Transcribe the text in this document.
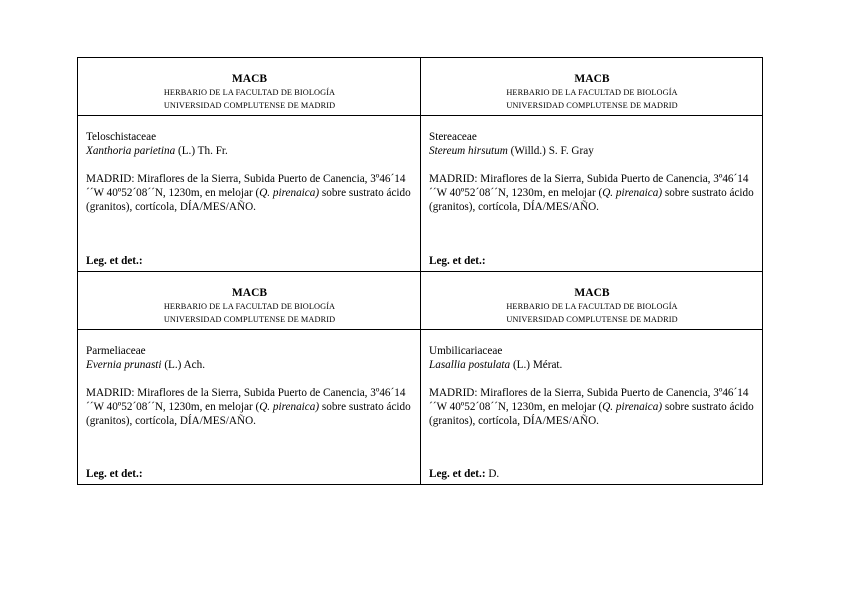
MACB
HERBARIO DE LA FACULTAD DE BIOLOGÍA
UNIVERSIDAD COMPLUTENSE DE MADRID
Teloschistaceae
Xanthoria parietina (L.) Th. Fr.
MADRID: Miraflores de la Sierra, Subida Puerto de Canencia, 3º46´14´´W 40º52´08´´N, 1230m, en melojar (Q. pirenaica) sobre sustrato ácido (granitos), cortícola, DÍA/MES/AÑO.
Leg. et det.:
MACB
HERBARIO DE LA FACULTAD DE BIOLOGÍA
UNIVERSIDAD COMPLUTENSE DE MADRID
Stereaceae
Stereum hirsutum (Willd.) S. F. Gray
MADRID: Miraflores de la Sierra, Subida Puerto de Canencia, 3º46´14´´W 40º52´08´´N, 1230m, en melojar (Q. pirenaica) sobre sustrato ácido (granitos), cortícola, DÍA/MES/AÑO.
Leg. et det.:
MACB
HERBARIO DE LA FACULTAD DE BIOLOGÍA
UNIVERSIDAD COMPLUTENSE DE MADRID
Parmeliaceae
Evernia prunasti (L.) Ach.
MADRID: Miraflores de la Sierra, Subida Puerto de Canencia, 3º46´14´´W 40º52´08´´N, 1230m, en melojar (Q. pirenaica) sobre sustrato ácido (granitos), cortícola, DÍA/MES/AÑO.
Leg. et det.:
MACB
HERBARIO DE LA FACULTAD DE BIOLOGÍA
UNIVERSIDAD COMPLUTENSE DE MADRID
Umbilicariaceae
Lasallia postulata (L.) Mérat.
MADRID: Miraflores de la Sierra, Subida Puerto de Canencia, 3º46´14´´W 40º52´08´´N, 1230m, en melojar (Q. pirenaica) sobre sustrato ácido (granitos), cortícola, DÍA/MES/AÑO.
Leg. et det.: D.
